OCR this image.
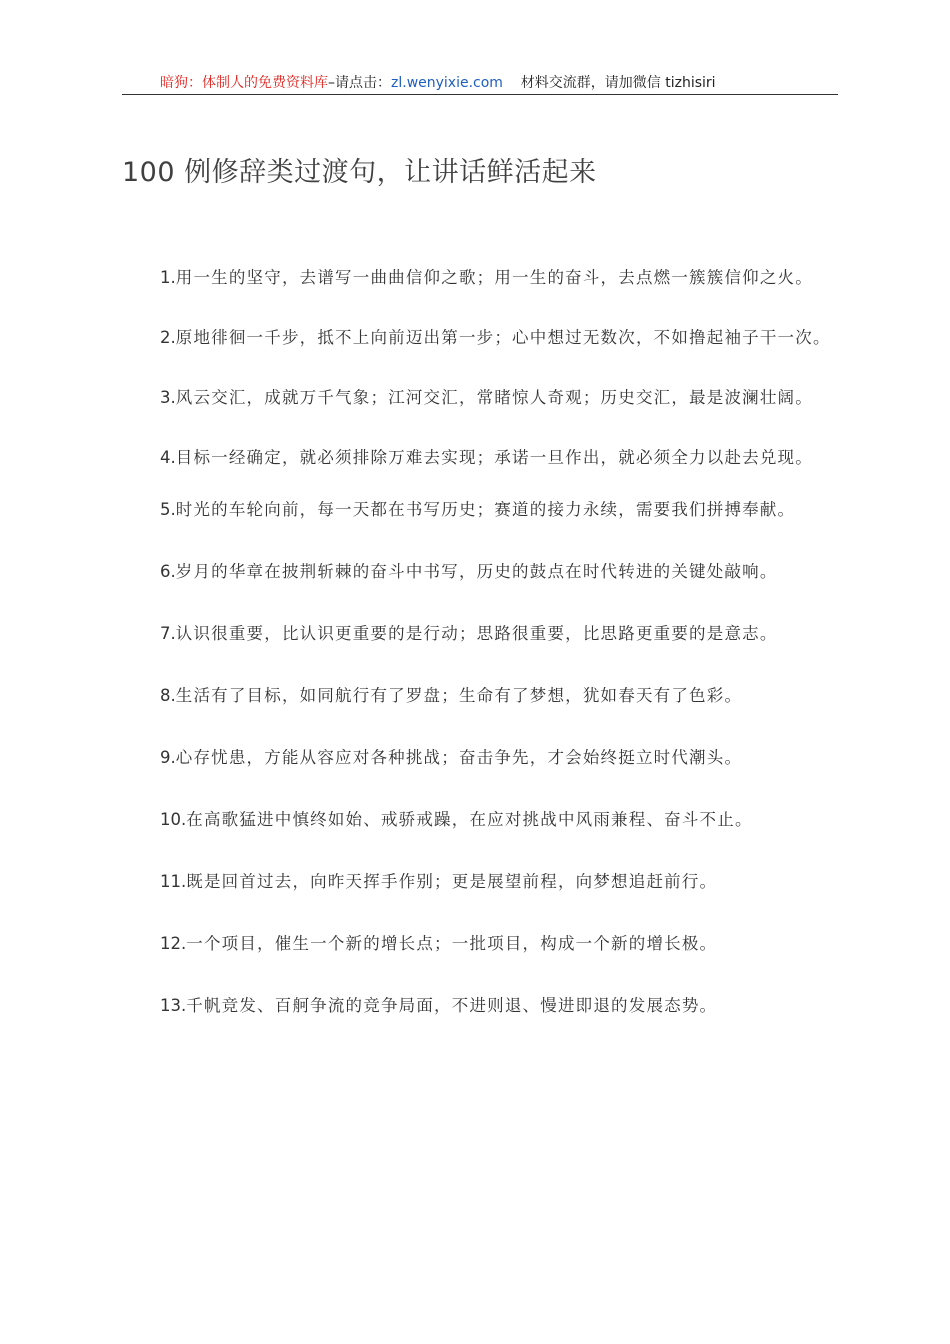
暗狗：体制人的免费资料库–请点击：zl.wenyixie.com 材料交流群，请加微信 tizhisiri
100 例修辞类过渡句，让讲话鲜活起来

1.用一生的坚守，去谱写一曲曲信仰之歌；用一生的奋斗，去点燃一簇簇信仰之火。

2.原地徘徊一千步，抵不上向前迈出第一步；心中想过无数次，不如撸起袖子干一次。

3.风云交汇，成就万千气象；江河交汇，常睹惊人奇观；历史交汇，最是波澜壮阔。

4.目标一经确定，就必须排除万难去实现；承诺一旦作出，就必须全力以赴去兑现。

5.时光的车轮向前，每一天都在书写历史；赛道的接力永续，需要我们拼搏奉献。

6.岁月的华章在披荆斩棘的奋斗中书写，历史的鼓点在时代转进的关键处敲响。

7.认识很重要，比认识更重要的是行动；思路很重要，比思路更重要的是意志。

8.生活有了目标，如同航行有了罗盘；生命有了梦想，犹如春天有了色彩。

9.心存忧患，方能从容应对各种挑战；奋击争先，才会始终挺立时代潮头。

10.在高歌猛进中慎终如始、戒骄戒躁，在应对挑战中风雨兼程、奋斗不止。

11.既是回首过去，向昨天挥手作别；更是展望前程，向梦想追赶前行。

12.一个项目，催生一个新的增长点；一批项目，构成一个新的增长极。

13.千帆竞发、百舸争流的竞争局面，不进则退、慢进即退的发展态势。
